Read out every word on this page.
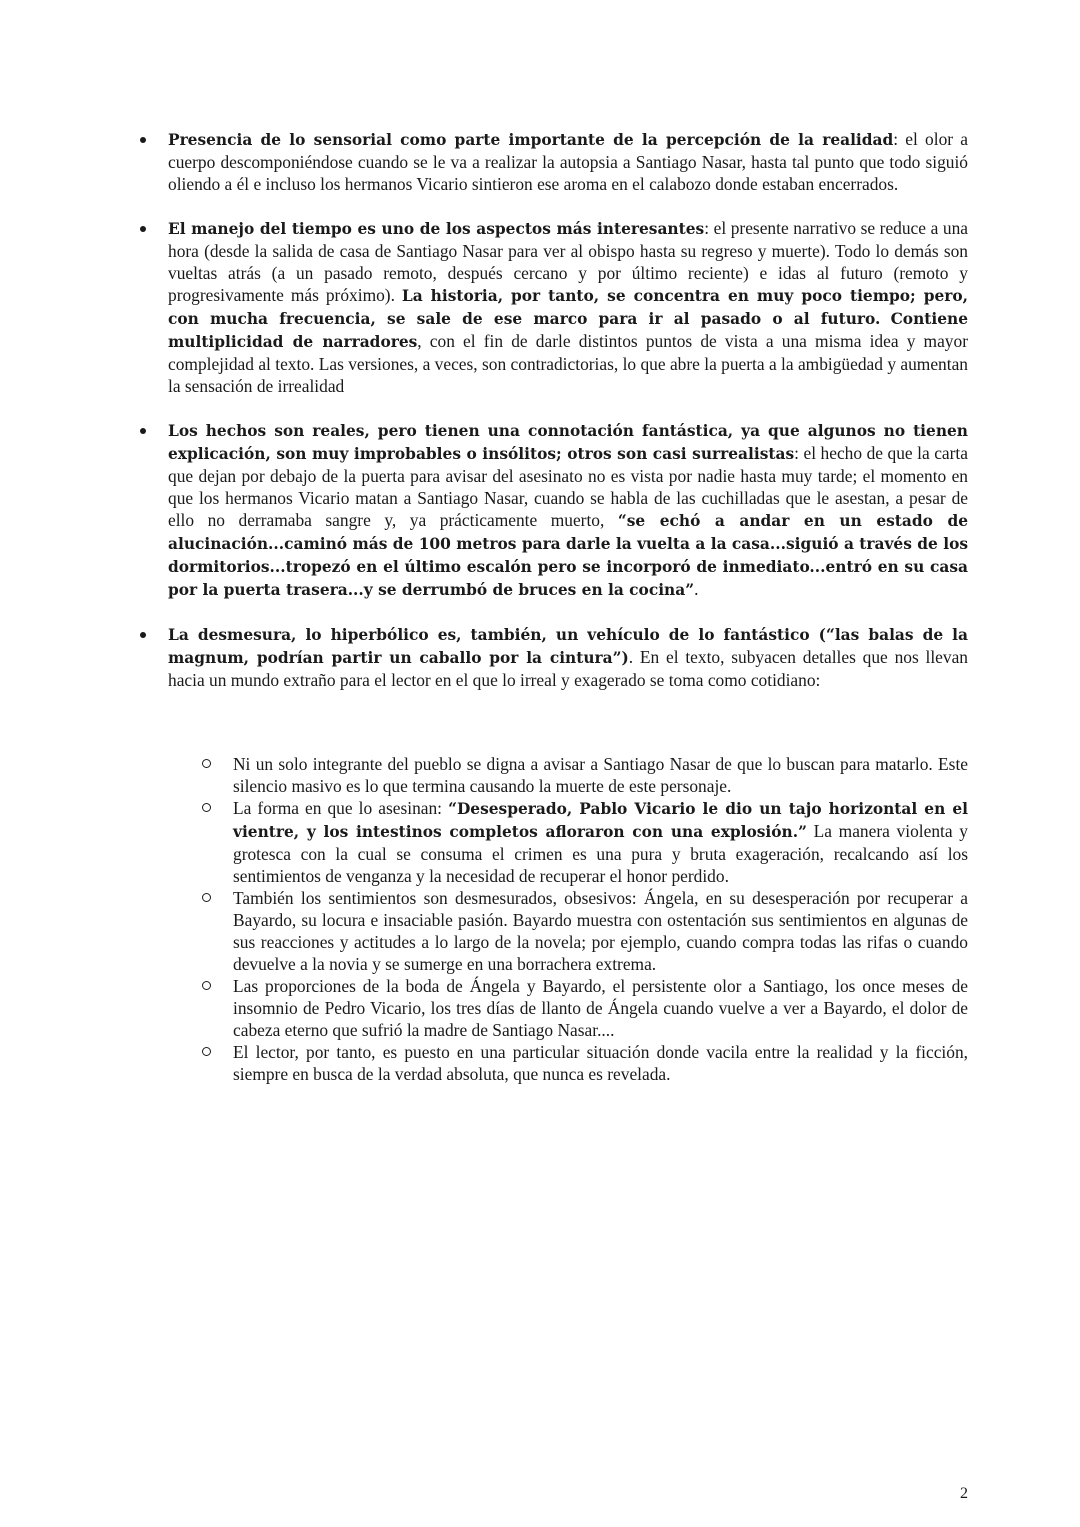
Presencia de lo sensorial como parte importante de la percepción de la realidad: el olor a cuerpo descomponiéndose cuando se le va a realizar la autopsia a Santiago Nasar, hasta tal punto que todo siguió oliendo a él e incluso los hermanos Vicario sintieron ese aroma en el calabozo donde estaban encerrados.
El manejo del tiempo es uno de los aspectos más interesantes: el presente narrativo se reduce a una hora (desde la salida de casa de Santiago Nasar para ver al obispo hasta su regreso y muerte). Todo lo demás son vueltas atrás (a un pasado remoto, después cercano y por último reciente) e idas al futuro (remoto y progresivamente más próximo). La historia, por tanto, se concentra en muy poco tiempo; pero, con mucha frecuencia, se sale de ese marco para ir al pasado o al futuro. Contiene multiplicidad de narradores, con el fin de darle distintos puntos de vista a una misma idea y mayor complejidad al texto. Las versiones, a veces, son contradictorias, lo que abre la puerta a la ambigüedad y aumentan la sensación de irrealidad
Los hechos son reales, pero tienen una connotación fantástica, ya que algunos no tienen explicación, son muy improbables o insólitos; otros son casi surrealistas: el hecho de que la carta que dejan por debajo de la puerta para avisar del asesinato no es vista por nadie hasta muy tarde; el momento en que los hermanos Vicario matan a Santiago Nasar, cuando se habla de las cuchilladas que le asestan, a pesar de ello no derramaba sangre y, ya prácticamente muerto, “se echó a andar en un estado de alucinación...caminó más de 100 metros para darle la vuelta a la casa...siguió a través de los dormitorios...tropezó en el último escalón pero se incorporó de inmediato...entró en su casa por la puerta trasera...y se derrumbó de bruces en la cocina”.
La desmesura, lo hiperbólico es, también, un vehículo de lo fantástico (“las balas de la magnum, podrían partir un caballo por la cintura”). En el texto, subyacen detalles que nos llevan hacia un mundo extraño para el lector en el que lo irreal y exagerado se toma como cotidiano:
Ni un solo integrante del pueblo se digna a avisar a Santiago Nasar de que lo buscan para matarlo. Este silencio masivo es lo que termina causando la muerte de este personaje.
La forma en que lo asesinan: “Desesperado, Pablo Vicario le dio un tajo horizontal en el vientre, y los intestinos completos afloraron con una explosión.” La manera violenta y grotesca con la cual se consuma el crimen es una pura y bruta exageración, recalcando así los sentimientos de venganza y la necesidad de recuperar el honor perdido.
También los sentimientos son desmesurados, obsesivos: Ángela, en su desesperación por recuperar a Bayardo, su locura e insaciable pasión. Bayardo muestra con ostentación sus sentimientos en algunas de sus reacciones y actitudes a lo largo de la novela; por ejemplo, cuando compra todas las rifas o cuando devuelve a la novia y se sumerge en una borrachera extrema.
Las proporciones de la boda de Ángela y Bayardo, el persistente olor a Santiago, los once meses de insomnio de Pedro Vicario, los tres días de llanto de Ángela cuando vuelve a ver a Bayardo, el dolor de cabeza eterno que sufrió la madre de Santiago Nasar....
El lector, por tanto, es puesto en una particular situación donde vacila entre la realidad y la ficción, siempre en busca de la verdad absoluta, que nunca es revelada.
2
